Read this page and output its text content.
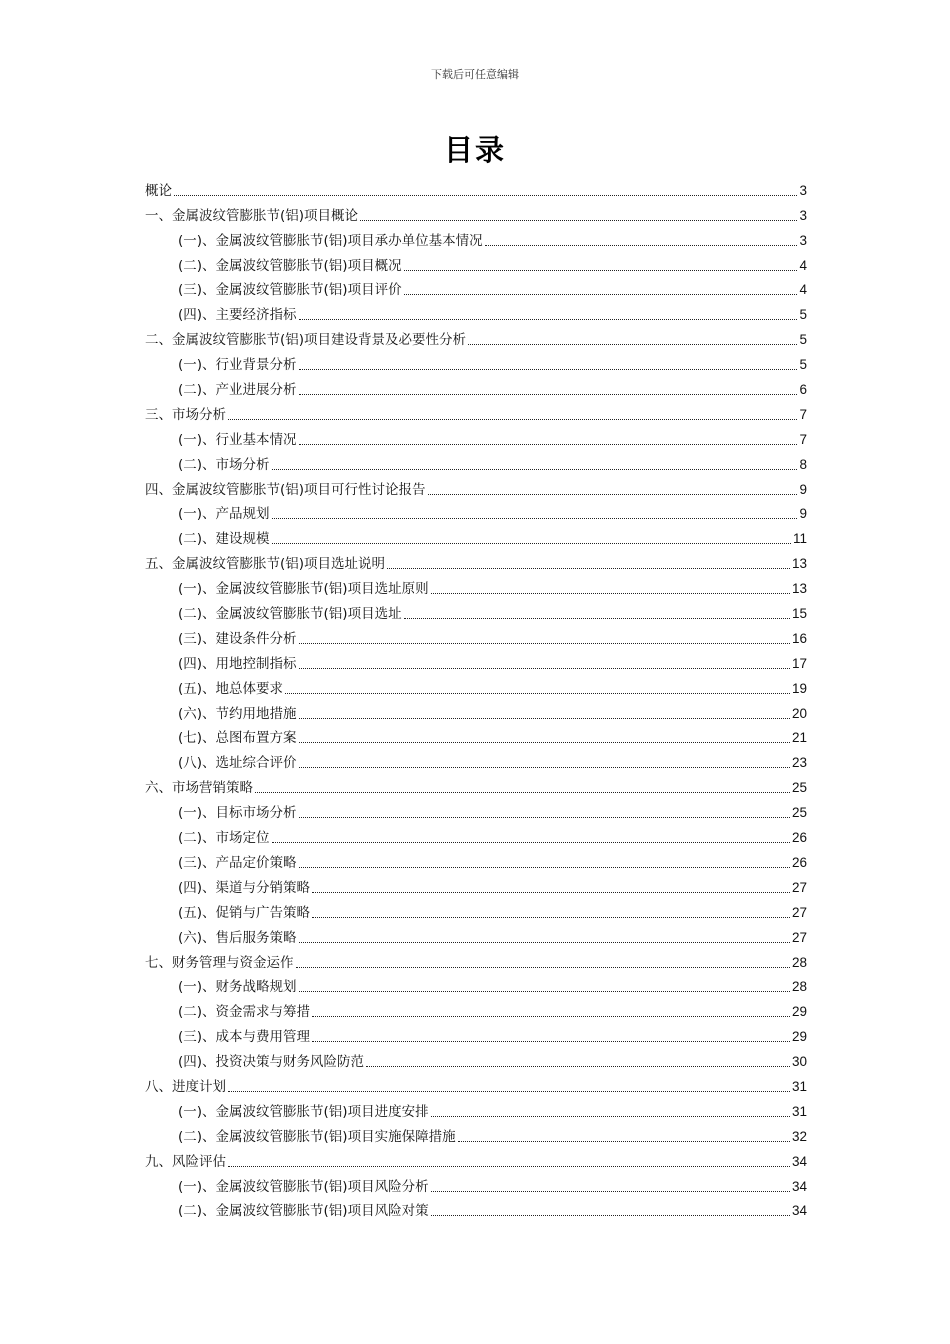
下载后可任意编辑
目录
概论	3
一、金属波纹管膨胀节(铝)项目概论	3
(一)、金属波纹管膨胀节(铝)项目承办单位基本情况	3
(二)、金属波纹管膨胀节(铝)项目概况	4
(三)、金属波纹管膨胀节(铝)项目评价	4
(四)、主要经济指标	5
二、金属波纹管膨胀节(铝)项目建设背景及必要性分析	5
(一)、行业背景分析	5
(二)、产业进展分析	6
三、市场分析	7
(一)、行业基本情况	7
(二)、市场分析	8
四、金属波纹管膨胀节(铝)项目可行性讨论报告	9
(一)、产品规划	9
(二)、建设规模	11
五、金属波纹管膨胀节(铝)项目选址说明	13
(一)、金属波纹管膨胀节(铝)项目选址原则	13
(二)、金属波纹管膨胀节(铝)项目选址	15
(三)、建设条件分析	16
(四)、用地控制指标	17
(五)、地总体要求	19
(六)、节约用地措施	20
(七)、总图布置方案	21
(八)、选址综合评价	23
六、市场营销策略	25
(一)、目标市场分析	25
(二)、市场定位	26
(三)、产品定价策略	26
(四)、渠道与分销策略	27
(五)、促销与广告策略	27
(六)、售后服务策略	27
七、财务管理与资金运作	28
(一)、财务战略规划	28
(二)、资金需求与筹措	29
(三)、成本与费用管理	29
(四)、投资决策与财务风险防范	30
八、进度计划	31
(一)、金属波纹管膨胀节(铝)项目进度安排	31
(二)、金属波纹管膨胀节(铝)项目实施保障措施	32
九、风险评估	34
(一)、金属波纹管膨胀节(铝)项目风险分析	34
(二)、金属波纹管膨胀节(铝)项目风险对策	34
